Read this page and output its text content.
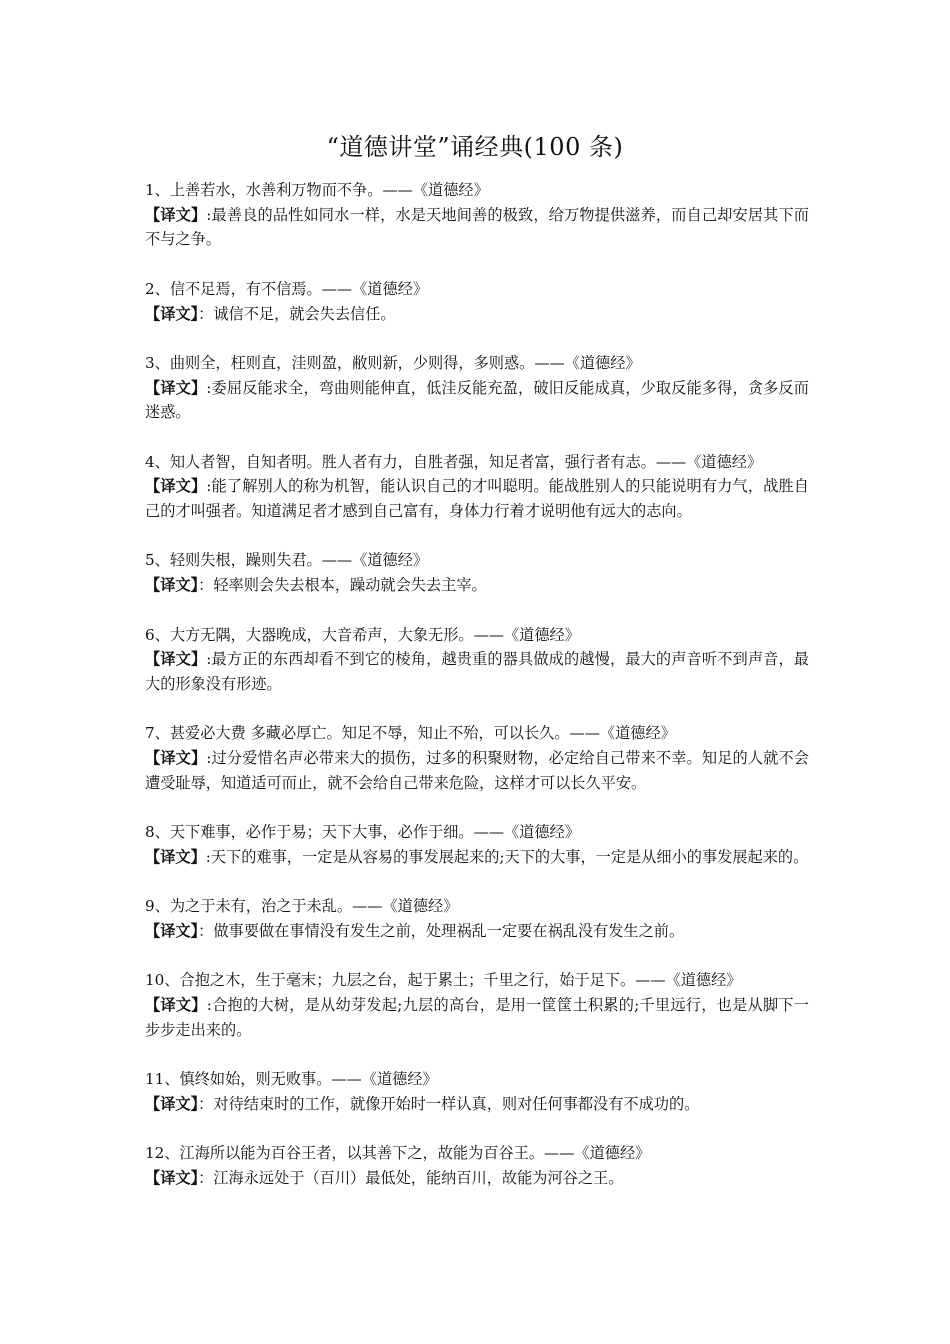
“道德讲堂”诵经典(100 条)
1、上善若水，水善利万物而不争。——《道德经》
【译文】:最善良的品性如同水一样，水是天地间善的极致，给万物提供滋养，而自己却安居其下而不与之争。
2、信不足焉，有不信焉。——《道德经》
【译文】：诚信不足，就会失去信任。
3、曲则全，枉则直，洼则盈，敝则新，少则得，多则惑。——《道德经》
【译文】:委屈反能求全，弯曲则能伸直，低洼反能充盈，破旧反能成真，少取反能多得，贪多反而迷惑。
4、知人者智，自知者明。胜人者有力，自胜者强，知足者富，强行者有志。——《道德经》
【译文】:能了解别人的称为机智，能认识自己的才叫聪明。能战胜别人的只能说明有力气，战胜自己的才叫强者。知道满足者才感到自己富有，身体力行着才说明他有远大的志向。
5、轻则失根，躁则失君。——《道德经》
【译文】：轻率则会失去根本，躁动就会失去主宰。
6、大方无隅，大器晚成，大音希声，大象无形。——《道德经》
【译文】:最方正的东西却看不到它的棱角，越贵重的器具做成的越慢，最大的声音听不到声音，最大的形象没有形迹。
7、甚爱必大费 多藏必厚亡。知足不辱，知止不殆，可以长久。——《道德经》
【译文】:过分爱惜名声必带来大的损伤，过多的积聚财物，必定给自己带来不幸。知足的人就不会遭受耻辱，知道适可而止，就不会给自己带来危险，这样才可以长久平安。
8、天下难事，必作于易；天下大事，必作于细。——《道德经》
【译文】:天下的难事，一定是从容易的事发展起来的;天下的大事，一定是从细小的事发展起来的。
9、为之于未有，治之于未乱。——《道德经》
【译文】：做事要做在事情没有发生之前，处理祸乱一定要在祸乱没有发生之前。
10、合抱之木，生于毫末；九层之台，起于累土；千里之行，始于足下。——《道德经》
【译文】:合抱的大树，是从幼芽发起;九层的高台，是用一筐筐土积累的;千里远行，也是从脚下一步步走出来的。
11、慎终如始，则无败事。——《道德经》
【译文】：对待结束时的工作，就像开始时一样认真，则对任何事都没有不成功的。
12、江海所以能为百谷王者，以其善下之，故能为百谷王。——《道德经》
【译文】：江海永远处于（百川）最低处，能纳百川，故能为河谷之王。
